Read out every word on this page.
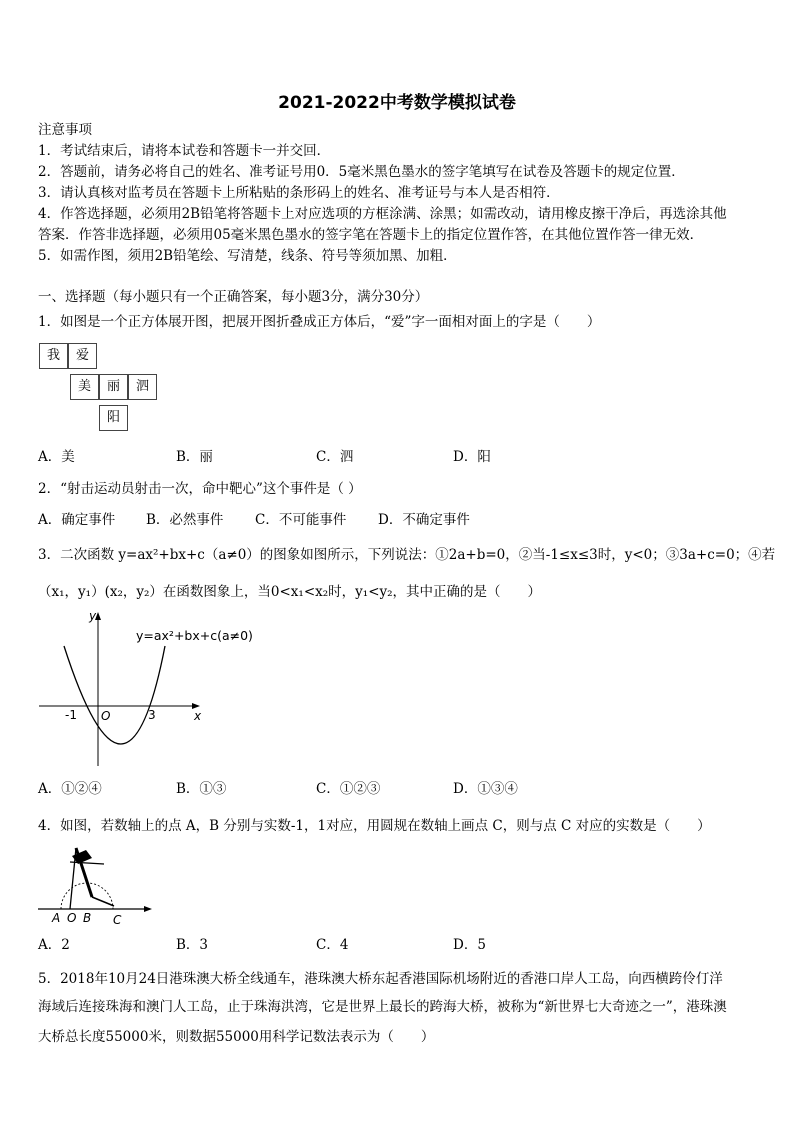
2021-2022中考数学模拟试卷
注意事项
1．考试结束后，请将本试卷和答题卡一并交回．
2．答题前，请务必将自己的姓名、准考证号用0．5毫米黑色墨水的签字笔填写在试卷及答题卡的规定位置．
3．请认真核对监考员在答题卡上所粘贴的条形码上的姓名、准考证号与本人是否相符．
4．作答选择题，必须用2B铅笔将答题卡上对应选项的方框涂满、涂黑；如需改动，请用橡皮擦干净后，再选涂其他
答案．作答非选择题，必须用05毫米黑色墨水的签字笔在答题卡上的指定位置作答，在其他位置作答一律无效．
5．如需作图，须用2B铅笔绘、写清楚，线条、符号等须加黑、加粗．
一、选择题（每小题只有一个正确答案，每小题3分，满分30分）
1．如图是一个正方体展开图，把展开图折叠成正方体后，“爱”字一面相对面上的字是（　　）
我	爱
美	丽	泗
阳
A．美	B．丽	C．泗	D．阳
2．“射击运动员射击一次，命中靶心”这个事件是（ ）
A．确定事件 B．必然事件 C．不可能事件 D．不确定事件
3．二次函数 y=ax²+bx+c（a≠0）的图象如图所示，下列说法：①2a+b=0，②当-1≤x≤3时，y<0；③3a+c=0；④若
（x₁，y₁）(x₂，y₂）在函数图象上，当0<x₁<x₂时，y₁<y₂，其中正确的是（　　）
y
x
O
-1	3
y=ax²+bx+c(a≠0)
A．①②④	B．①③	C．①②③	D．①③④
4．如图，若数轴上的点 A，B 分别与实数-1，1对应，用圆规在数轴上画点 C，则与点 C 对应的实数是（　　）
A O B C
A．2	B．3	C．4	D．5
5．2018年10月24日港珠澳大桥全线通车，港珠澳大桥东起香港国际机场附近的香港口岸人工岛，向西横跨伶仃洋
海域后连接珠海和澳门人工岛，止于珠海洪湾，它是世界上最长的跨海大桥，被称为“新世界七大奇迹之一”，港珠澳
大桥总长度55000米，则数据55000用科学记数法表示为（　　）
